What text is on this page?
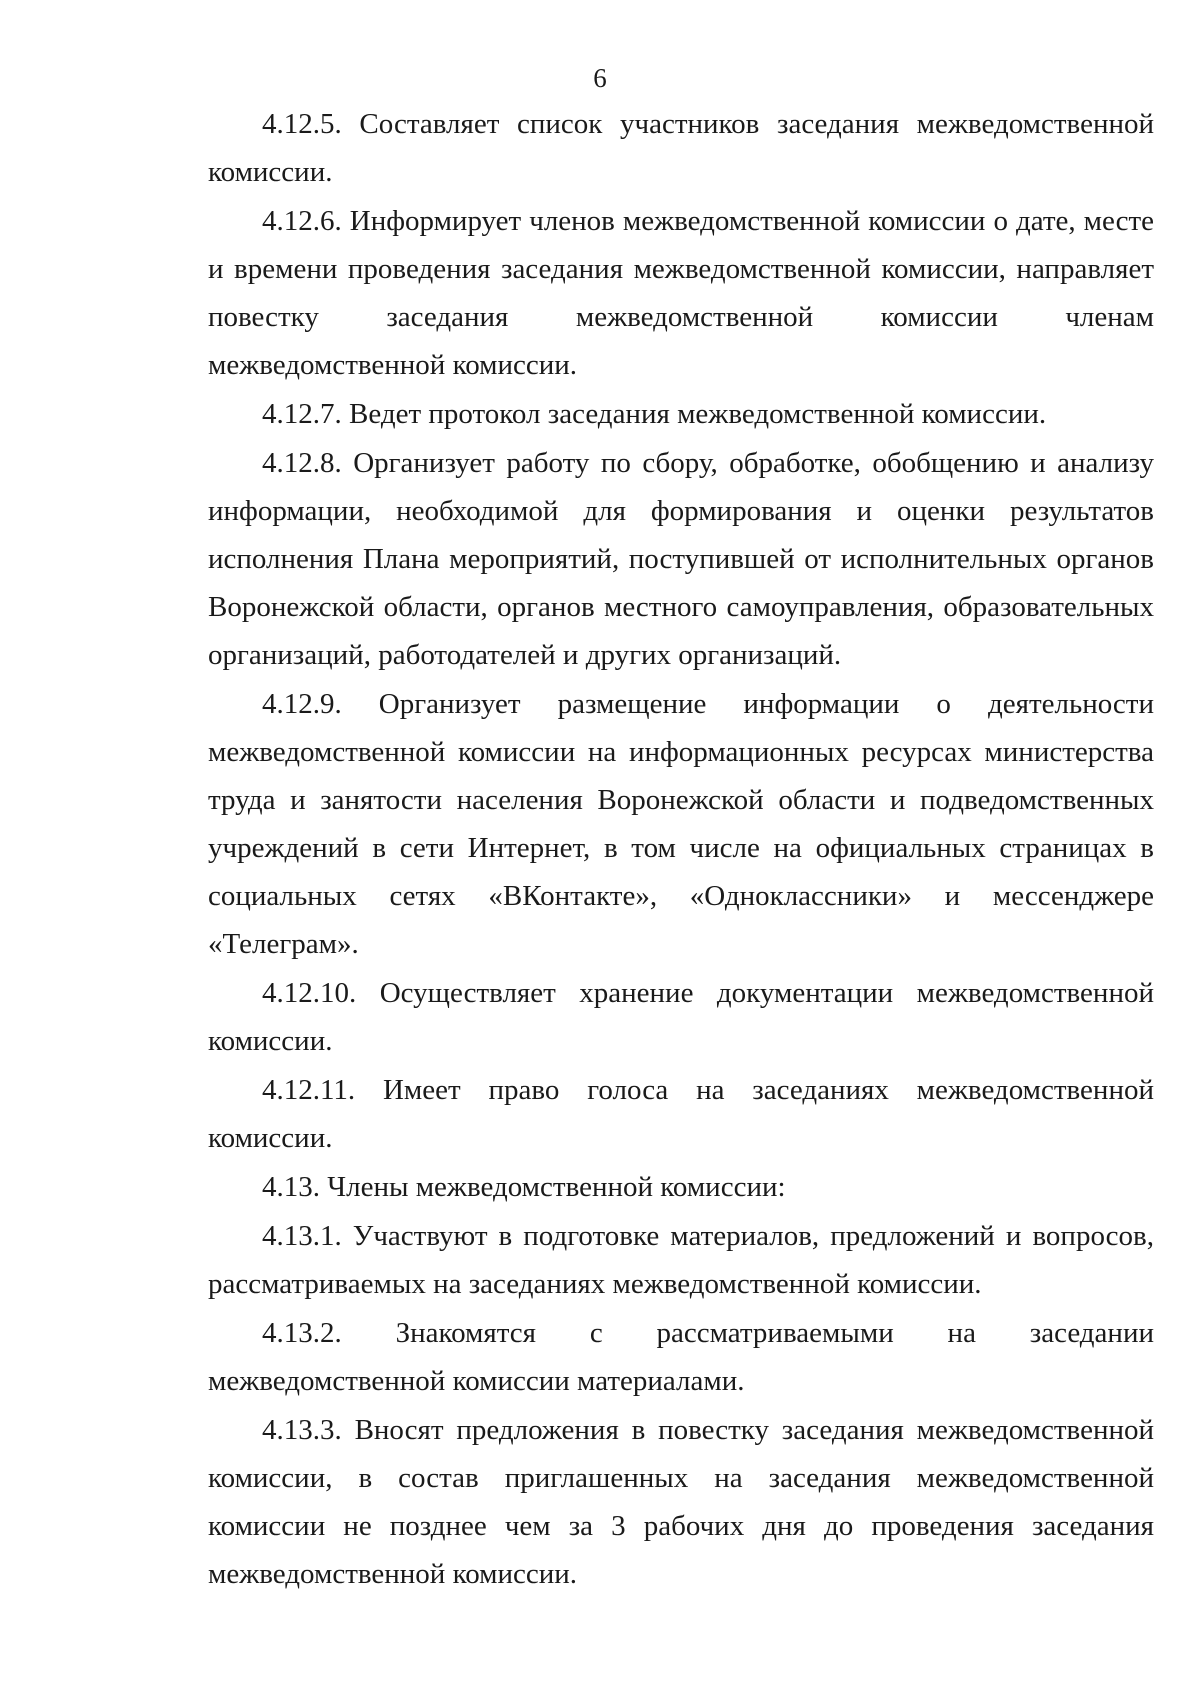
6

4.12.5. Составляет список участников заседания межведомственной комиссии.

4.12.6. Информирует членов межведомственной комиссии о дате, месте и времени проведения заседания межведомственной комиссии, направляет повестку заседания межведомственной комиссии членам межведомственной комиссии.

4.12.7. Ведет протокол заседания межведомственной комиссии.

4.12.8. Организует работу по сбору, обработке, обобщению и анализу информации, необходимой для формирования и оценки результатов исполнения Плана мероприятий, поступившей от исполнительных органов Воронежской области, органов местного самоуправления, образовательных организаций, работодателей и других организаций.

4.12.9. Организует размещение информации о деятельности межведомственной комиссии на информационных ресурсах министерства труда и занятости населения Воронежской области и подведомственных учреждений в сети Интернет, в том числе на официальных страницах в социальных сетях «ВКонтакте», «Одноклассники» и мессенджере «Телеграм».

4.12.10. Осуществляет хранение документации межведомственной комиссии.

4.12.11. Имеет право голоса на заседаниях межведомственной комиссии.

4.13. Члены межведомственной комиссии:

4.13.1. Участвуют в подготовке материалов, предложений и вопросов, рассматриваемых на заседаниях межведомственной комиссии.

4.13.2. Знакомятся с рассматриваемыми на заседании межведомственной комиссии материалами.

4.13.3. Вносят предложения в повестку заседания межведомственной комиссии, в состав приглашенных на заседания межведомственной комиссии не позднее чем за 3 рабочих дня до проведения заседания межведомственной комиссии.
